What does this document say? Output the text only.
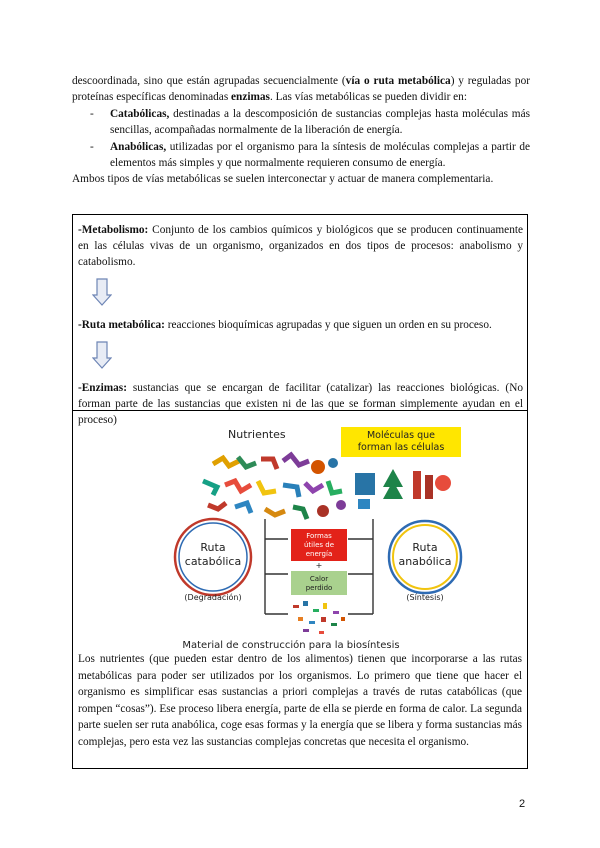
descoordinada, sino que están agrupadas secuencialmente (vía o ruta metabólica) y reguladas por proteínas específicas denominadas enzimas. Las vías metabólicas se pueden dividir en:

- Catabólicas, destinadas a la descomposición de sustancias complejas hasta moléculas más sencillas, acompañadas normalmente de la liberación de energía.
- Anabólicas, utilizadas por el organismo para la síntesis de moléculas complejas a partir de elementos más simples y que normalmente requieren consumo de energía.

Ambos tipos de vías metabólicas se suelen interconectar y actuar de manera complementaria.

-Metabolismo: Conjunto de los cambios químicos y biológicos que se producen continuamente en las células vivas de un organismo, organizados en dos tipos de procesos: anabolismo y catabolismo.

-Ruta metabólica: reacciones bioquímicas agrupadas y que siguen un orden en su proceso.

-Enzimas: sustancias que se encargan de facilitar (catalizar) las reacciones biológicas. (No forman parte de las sustancias que existen ni de las que se forman simplemente ayudan en el proceso)

Nutrientes	Moléculas que
forman las células
Ruta
catabólica
(Degradación)
Ruta
anabólica
(Síntesis)
Formas
útiles de
energía
+
Calor
perdido
Material de construcción para la biosíntesis

Los nutrientes (que pueden estar dentro de los alimentos) tienen que incorporarse a las rutas metabólicas para poder ser utilizados por los organismos. Lo primero que tiene que hacer el organismo es simplificar esas sustancias a priori complejas a través de rutas catabólicas (que rompen “cosas”). Ese proceso libera energía, parte de ella se pierde en forma de calor. La segunda parte suelen ser ruta anabólica, coge esas formas y la energía que se libera y forma sustancias más complejas, pero esta vez las sustancias complejas concretas que necesita el organismo.

2
